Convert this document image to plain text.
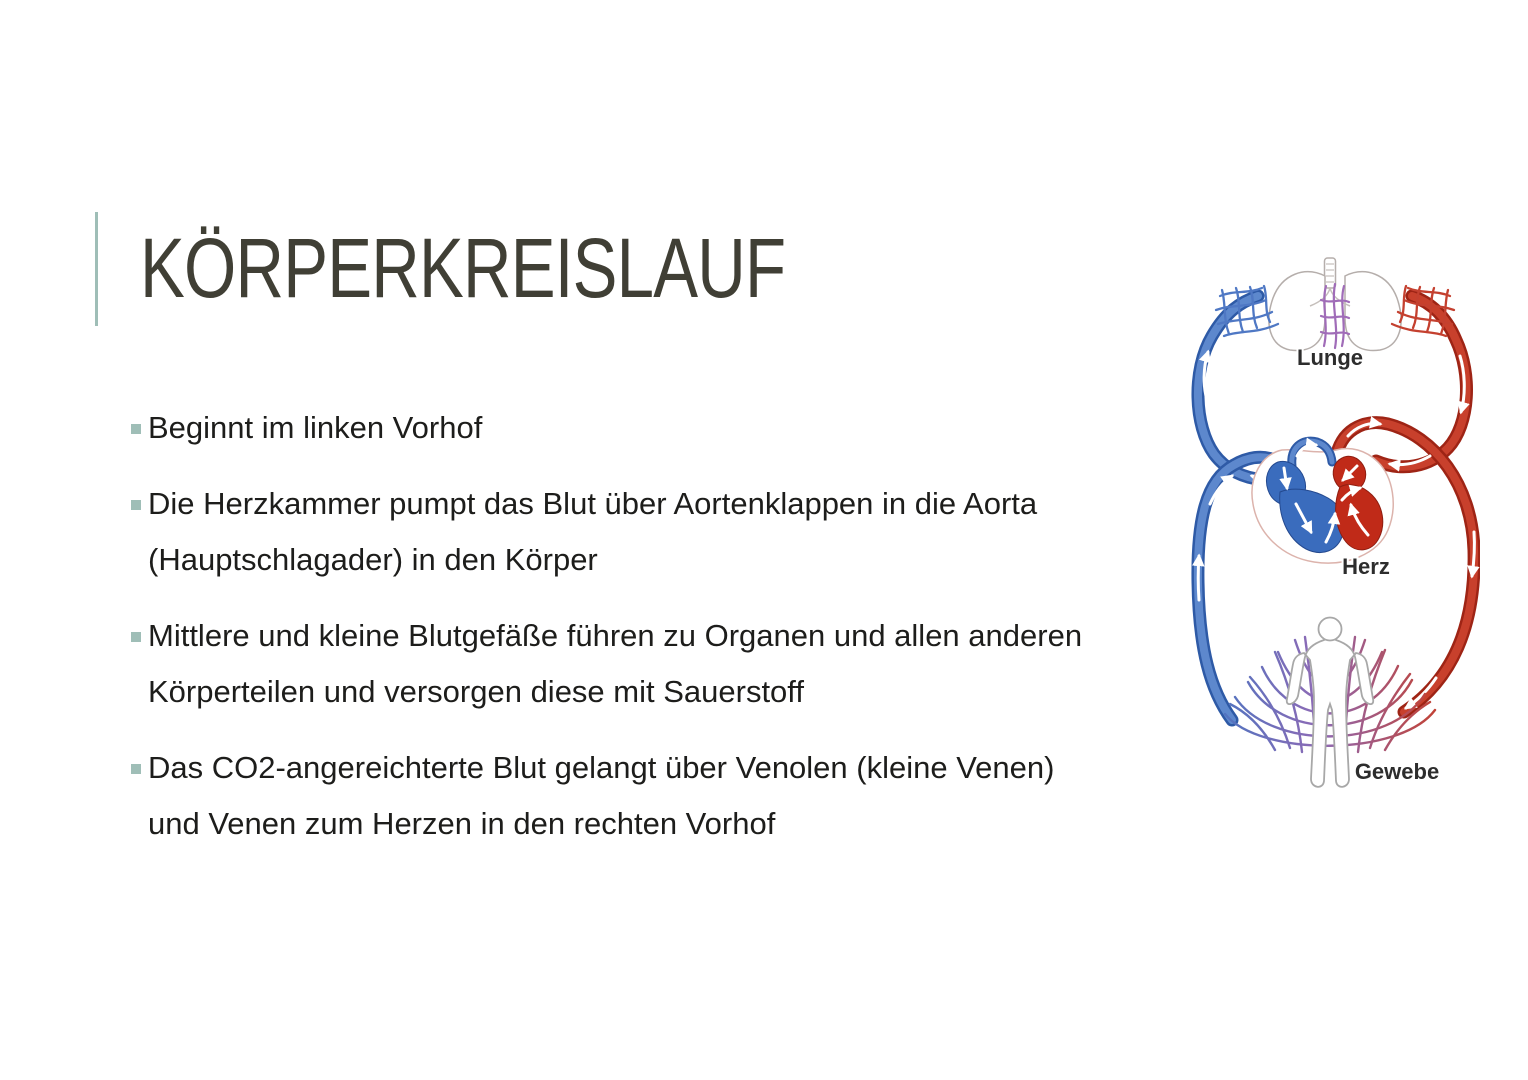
KÖRPERKREISLAUF
Beginnt im linken Vorhof
Die Herzkammer pumpt das Blut über Aortenklappen in die Aorta (Hauptschlagader) in den Körper
Mittlere und kleine Blutgefäße führen zu Organen und allen anderen Körperteilen und versorgen diese mit Sauerstoff
Das CO2-angereichterte Blut gelangt über Venolen (kleine Venen) und Venen zum Herzen in den rechten Vorhof
Lunge
Herz
Gewebe
